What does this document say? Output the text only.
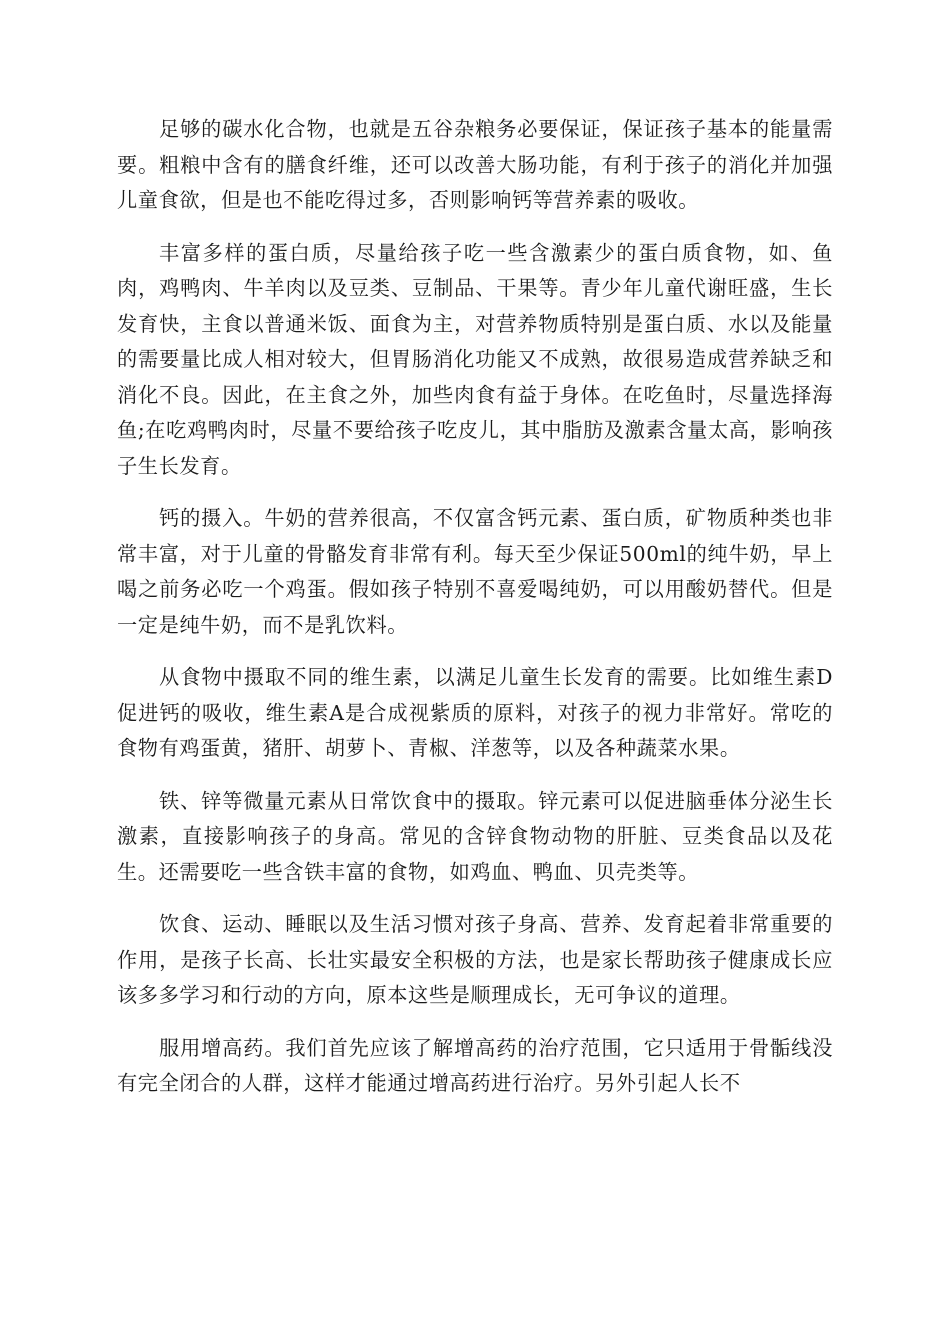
足够的碳水化合物，也就是五谷杂粮务必要保证，保证孩子基本的能量需要。粗粮中含有的膳食纤维，还可以改善大肠功能，有利于孩子的消化并加强儿童食欲，但是也不能吃得过多，否则影响钙等营养素的吸收。

丰富多样的蛋白质，尽量给孩子吃一些含激素少的蛋白质食物，如、鱼肉，鸡鸭肉、牛羊肉以及豆类、豆制品、干果等。青少年儿童代谢旺盛，生长发育快，主食以普通米饭、面食为主，对营养物质特别是蛋白质、水以及能量的需要量比成人相对较大，但胃肠消化功能又不成熟，故很易造成营养缺乏和消化不良。因此，在主食之外，加些肉食有益于身体。在吃鱼时，尽量选择海鱼;在吃鸡鸭肉时，尽量不要给孩子吃皮儿，其中脂肪及激素含量太高，影响孩子生长发育。

钙的摄入。牛奶的营养很高，不仅富含钙元素、蛋白质，矿物质种类也非常丰富，对于儿童的骨骼发育非常有利。每天至少保证500ml的纯牛奶，早上喝之前务必吃一个鸡蛋。假如孩子特别不喜爱喝纯奶，可以用酸奶替代。但是一定是纯牛奶，而不是乳饮料。

从食物中摄取不同的维生素，以满足儿童生长发育的需要。比如维生素D促进钙的吸收，维生素A是合成视紫质的原料，对孩子的视力非常好。常吃的食物有鸡蛋黄，猪肝、胡萝卜、青椒、洋葱等，以及各种蔬菜水果。

铁、锌等微量元素从日常饮食中的摄取。锌元素可以促进脑垂体分泌生长激素，直接影响孩子的身高。常见的含锌食物动物的肝脏、豆类食品以及花生。还需要吃一些含铁丰富的食物，如鸡血、鸭血、贝壳类等。

饮食、运动、睡眠以及生活习惯对孩子身高、营养、发育起着非常重要的作用，是孩子长高、长壮实最安全积极的方法，也是家长帮助孩子健康成长应该多多学习和行动的方向，原本这些是顺理成长，无可争议的道理。

服用增高药。我们首先应该了解增高药的治疗范围，它只适用于骨骺线没有完全闭合的人群，这样才能通过增高药进行治疗。另外引起人长不
